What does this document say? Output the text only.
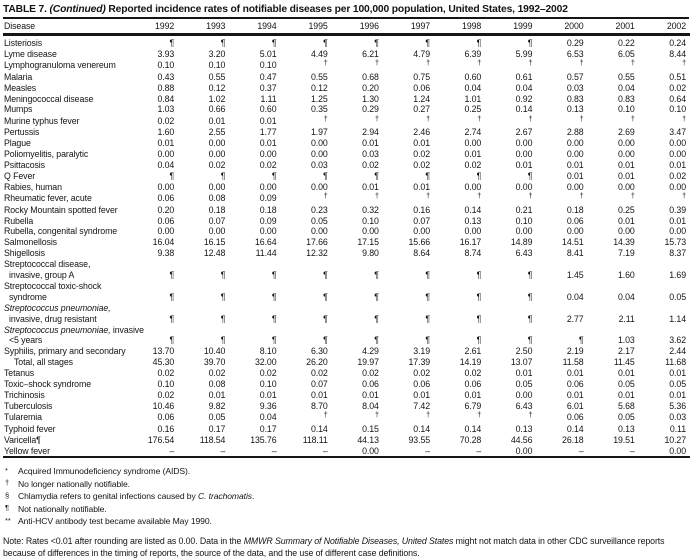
TABLE 7. (Continued) Reported incidence rates of notifiable diseases per 100,000 population, United States, 1992–2002
Disease	1992	1993	1994	1995	1996	1997	1998	1999	2000	2001	2002
Listeriosis	¶	¶	¶	¶	¶	¶	¶	¶	0.29	0.22	0.24
Lyme disease	3.93	3.20	5.01	4.49	6.21	4.79	6.39	5.99	6.53	6.05	8.44
Lymphogranuloma venereum	0.10	0.10	0.10	†	†	†	†	†	†	†	†
Malaria	0.43	0.55	0.47	0.55	0.68	0.75	0.60	0.61	0.57	0.55	0.51
Measles	0.88	0.12	0.37	0.12	0.20	0.06	0.04	0.04	0.03	0.04	0.02
Meningococcal disease	0.84	1.02	1.11	1.25	1.30	1.24	1.01	0.92	0.83	0.83	0.64
Mumps	1.03	0.66	0.60	0.35	0.29	0.27	0.25	0.14	0.13	0.10	0.10
Murine typhus fever	0.02	0.01	0.01	†	†	†	†	†	†	†	†
Pertussis	1.60	2.55	1.77	1.97	2.94	2.46	2.74	2.67	2.88	2.69	3.47
Plague	0.01	0.00	0.01	0.00	0.01	0.01	0.00	0.00	0.00	0.00	0.00
Poliomyelitis, paralytic	0.00	0.00	0.00	0.00	0.03	0.02	0.01	0.00	0.00	0.00	0.00
Psittacosis	0.04	0.02	0.02	0.03	0.02	0.02	0.02	0.01	0.01	0.01	0.01
Q Fever	¶	¶	¶	¶	¶	¶	¶	¶	0.01	0.01	0.02
Rabies, human	0.00	0.00	0.00	0.00	0.01	0.01	0.00	0.00	0.00	0.00	0.00
Rheumatic fever, acute	0.06	0.08	0.09	†	†	†	†	†	†	†	†
Rocky Mountain spotted fever	0.20	0.18	0.18	0.23	0.32	0.16	0.14	0.21	0.18	0.25	0.39
Rubella	0.06	0.07	0.09	0.05	0.10	0.07	0.13	0.10	0.06	0.01	0.01
Rubella, congenital syndrome	0.00	0.00	0.00	0.00	0.00	0.00	0.00	0.00	0.00	0.00	0.00
Salmonellosis	16.04	16.15	16.64	17.66	17.15	15.66	16.17	14.89	14.51	14.39	15.73
Shigellosis	9.38	12.48	11.44	12.32	9.80	8.64	8.74	6.43	8.41	7.19	8.37
Streptococcal disease,											
invasive, group A	¶	¶	¶	¶	¶	¶	¶	¶	1.45	1.60	1.69
Streptococcal toxic-shock											
syndrome	¶	¶	¶	¶	¶	¶	¶	¶	0.04	0.04	0.05
Streptococcus pneumoniae,											
invasive, drug resistant	¶	¶	¶	¶	¶	¶	¶	¶	2.77	2.11	1.14
Streptococcus pneumoniae, invasive											
<5 years	¶	¶	¶	¶	¶	¶	¶	¶	¶	1.03	3.62
Syphilis, primary and secondary	13.70	10.40	8.10	6.30	4.29	3.19	2.61	2.50	2.19	2.17	2.44
Total, all stages	45.30	39.70	32.00	26.20	19.97	17.39	14.19	13.07	11.58	11.45	11.68
Tetanus	0.02	0.02	0.02	0.02	0.02	0.02	0.02	0.01	0.01	0.01	0.01
Toxic–shock syndrome	0.10	0.08	0.10	0.07	0.06	0.06	0.06	0.05	0.06	0.05	0.05
Trichinosis	0.02	0.01	0.01	0.01	0.01	0.01	0.01	0.00	0.01	0.01	0.01
Tuberculosis	10.46	9.82	9.36	8.70	8.04	7.42	6.79	6.43	6.01	5.68	5.36
Tularemia	0.06	0.05	0.04	†	†	†	†	†	0.06	0.05	0.03
Typhoid fever	0.16	0.17	0.17	0.14	0.15	0.14	0.14	0.13	0.14	0.13	0.11
Varicella¶	176.54	118.54	135.76	118.11	44.13	93.55	70.28	44.56	26.18	19.51	10.27
Yellow fever	–	–	–	–	0.00	–	–	0.00	–	–	0.00
* Acquired Immunodeficiency syndrome (AIDS).
† No longer nationally notifiable.
§ Chlamydia refers to genital infections caused by C. trachomatis.
¶ Not nationally notifiable.
** Anti-HCV antibody test became available May 1990.
Note: Rates <0.01 after rounding are listed as 0.00. Data in the MMWR Summary of Notifiable Diseases, United States might not match data in other CDC surveillance reports because of differences in the timing of reports, the source of the data, and the use of different case definitions.
